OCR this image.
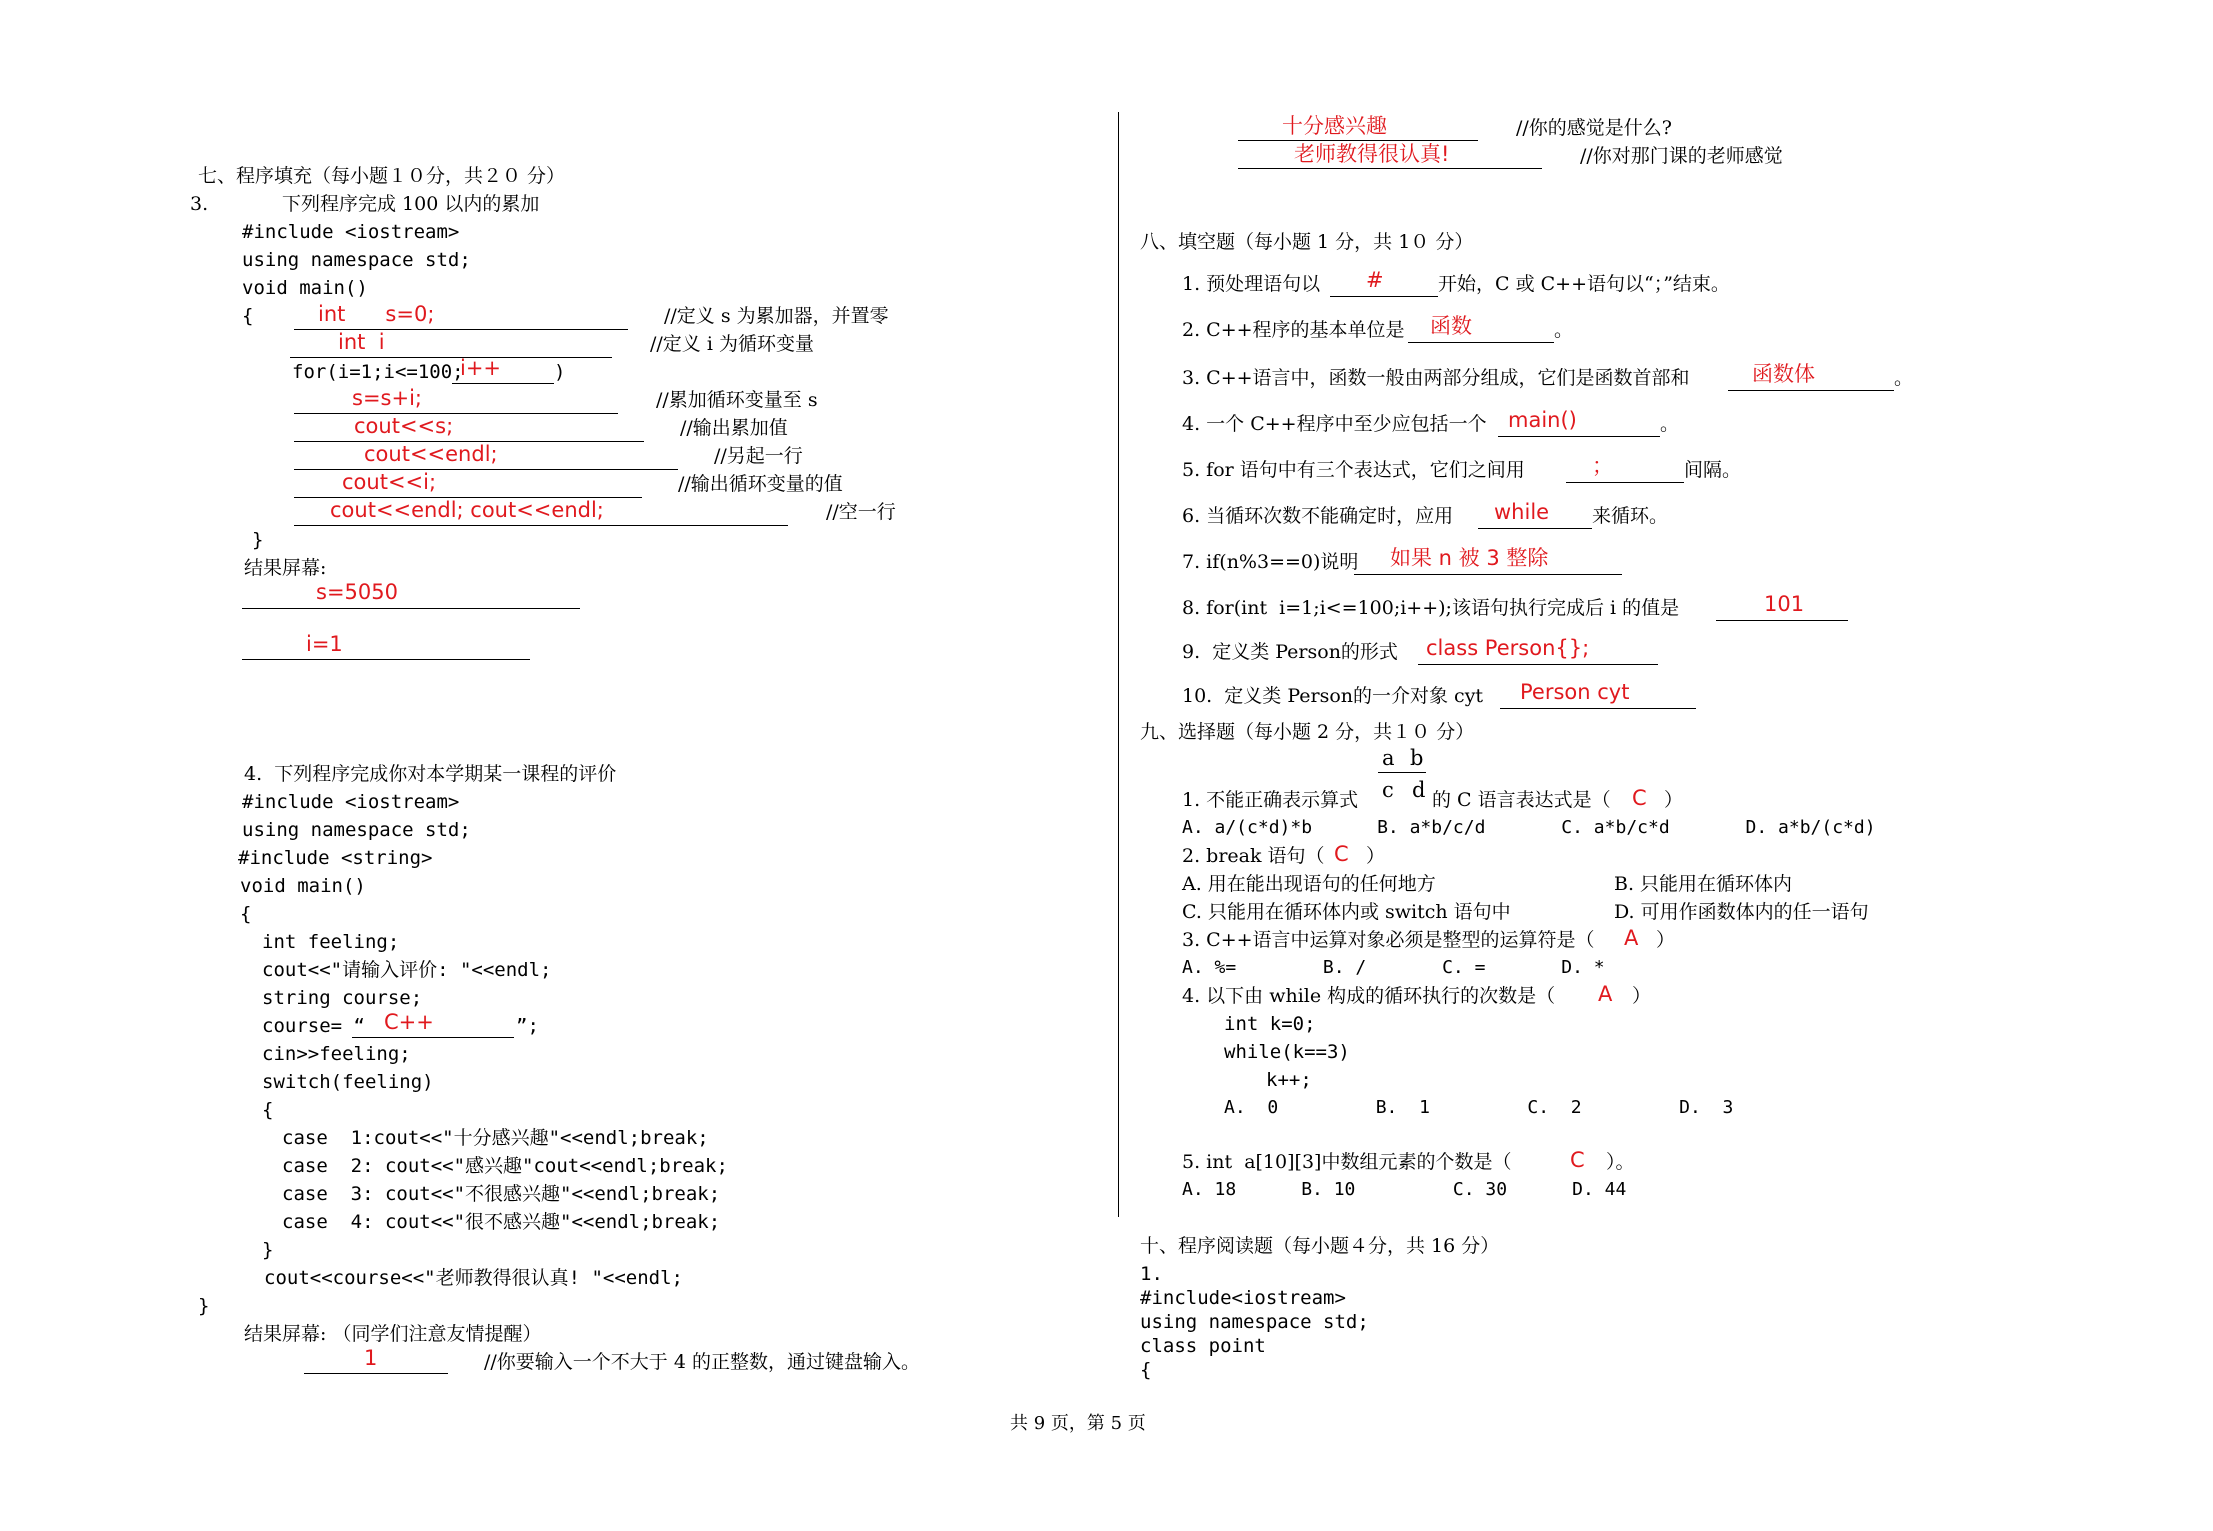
七、程序填充（每小题１０分，共２０ 分）
3.	下列程序完成 100 以内的累加
#include <iostream>
using namespace std;
void main()
{	int      s=0;	//定义 s 为累加器，并置零
int  i	//定义 i 为循环变量
for(i=1;i<=100;
i++	)
s=s+i;	//累加循环变量至 s
cout<<s;	//输出累加值
cout<<endl;	//另起一行
cout<<i;	//输出循环变量的值
cout<<endl; cout<<endl;	//空一行
}
结果屏幕:
s=5050
i=1
4.  下列程序完成你对本学期某一课程的评价
#include <iostream>
using namespace std;
#include <string>
void main()
{
int feeling;
cout<<"请输入评价: "<<endl;
string course;
course= “ C++	”;
cin>>feeling;
switch(feeling)
{
case  1:cout<<"十分感兴趣"<<endl;break;
case  2: cout<<"感兴趣"cout<<endl;break;
case  3: cout<<"不很感兴趣"<<endl;break;
case  4: cout<<"很不感兴趣"<<endl;break;
}
cout<<course<<"老师教得很认真! "<<endl;
}
结果屏幕: （同学们注意友情提醒）
1	//你要输入一个不大于 4 的正整数，通过键盘输入。
十分感兴趣	//你的感觉是什么?
老师教得很认真!	//你对那门课的老师感觉
八、填空题（每小题 1 分，共 1０ 分）
1. 预处理语句以 #	开始，C 或 C++语句以“；”结束。
2. C++程序的基本单位是 函数	。
3. C++语言中，函数一般由两部分组成，它们是函数首部和	函数体	。
4. 一个 C++程序中至少应包括一个 main()	。
5. for 语句中有三个表达式，它们之间用	；	间隔。
6. 当循环次数不能确定时，应用 while 来循环。
7. if(n%3==0)说明 如果 n 被 3 整除
8. for(int  i=1;i<=100;i++);该语句执行完成后 i 的值是	101
9.  定义类 Person的形式 class Person{};
10.  定义类 Person的一介对象 cyt Person cyt
九、选择题（每小题 2 分，共１０ 分）
a b
c d
1. 不能正确表示算式	的 C 语言表达式是（ C ）
A. a/(c*d)*b      B. a*b/c/d       C. a*b/c*d       D. a*b/(c*d)
2. break 语句（ C ）
A. 用在能出现语句的任何地方	B. 只能用在循环体内
C. 只能用在循环体内或 switch 语句中	D. 可用作函数体内的任一语句
3. C++语言中运算对象必须是整型的运算符是（ A ）
A. %=        B. /       C. =       D. *
4. 以下由 while 构成的循环执行的次数是（ A ）
int k=0;
while(k==3)
k++;
A.  0         B.  1         C.  2         D.  3
5. int  a[10][3]中数组元素的个数是（	C ）。
A. 18      B. 10         C. 30      D. 44
十、程序阅读题（每小题４分，共 16 分）
1.
#include<iostream>
using namespace std;
class point
{
共 9 页，第 5 页
